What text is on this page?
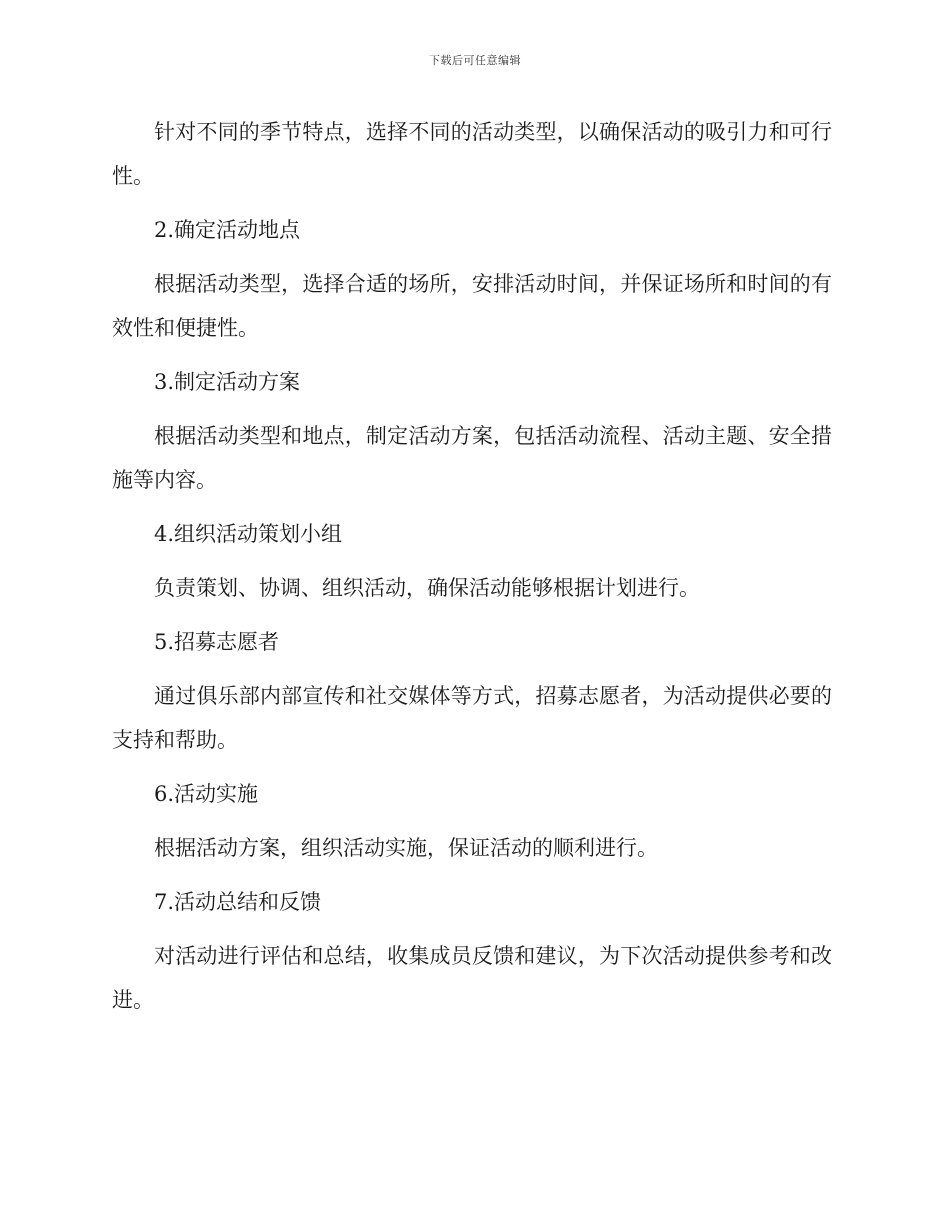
下载后可任意编辑

针对不同的季节特点，选择不同的活动类型，以确保活动的吸引力和可行性。

2.确定活动地点

根据活动类型，选择合适的场所，安排活动时间，并保证场所和时间的有效性和便捷性。

3.制定活动方案

根据活动类型和地点，制定活动方案，包括活动流程、活动主题、安全措施等内容。

4.组织活动策划小组

负责策划、协调、组织活动，确保活动能够根据计划进行。

5.招募志愿者

通过俱乐部内部宣传和社交媒体等方式，招募志愿者，为活动提供必要的支持和帮助。

6.活动实施

根据活动方案，组织活动实施，保证活动的顺利进行。

7.活动总结和反馈

对活动进行评估和总结，收集成员反馈和建议，为下次活动提供参考和改进。
